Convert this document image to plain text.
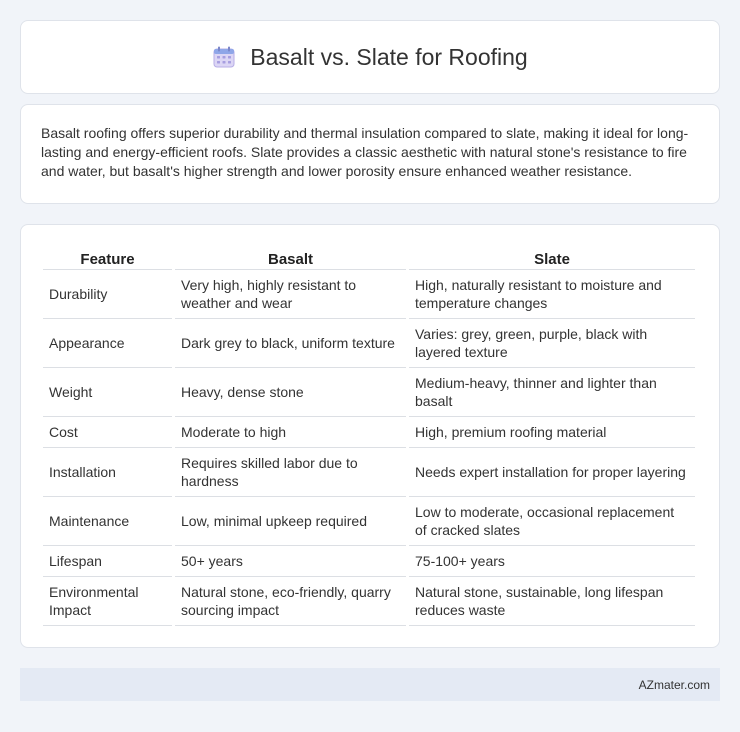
Basalt vs. Slate for Roofing

Basalt roofing offers superior durability and thermal insulation compared to slate, making it ideal for long-lasting and energy-efficient roofs. Slate provides a classic aesthetic with natural stone's resistance to fire and water, but basalt's higher strength and lower porosity ensure enhanced weather resistance.

Feature	Basalt	Slate
Durability	Very high, highly resistant to weather and wear	High, naturally resistant to moisture and temperature changes
Appearance	Dark grey to black, uniform texture	Varies: grey, green, purple, black with layered texture
Weight	Heavy, dense stone	Medium-heavy, thinner and lighter than basalt
Cost	Moderate to high	High, premium roofing material
Installation	Requires skilled labor due to hardness	Needs expert installation for proper layering
Maintenance	Low, minimal upkeep required	Low to moderate, occasional replacement of cracked slates
Lifespan	50+ years	75-100+ years
Environmental Impact	Natural stone, eco-friendly, quarry sourcing impact	Natural stone, sustainable, long lifespan reduces waste
AZmater.com
